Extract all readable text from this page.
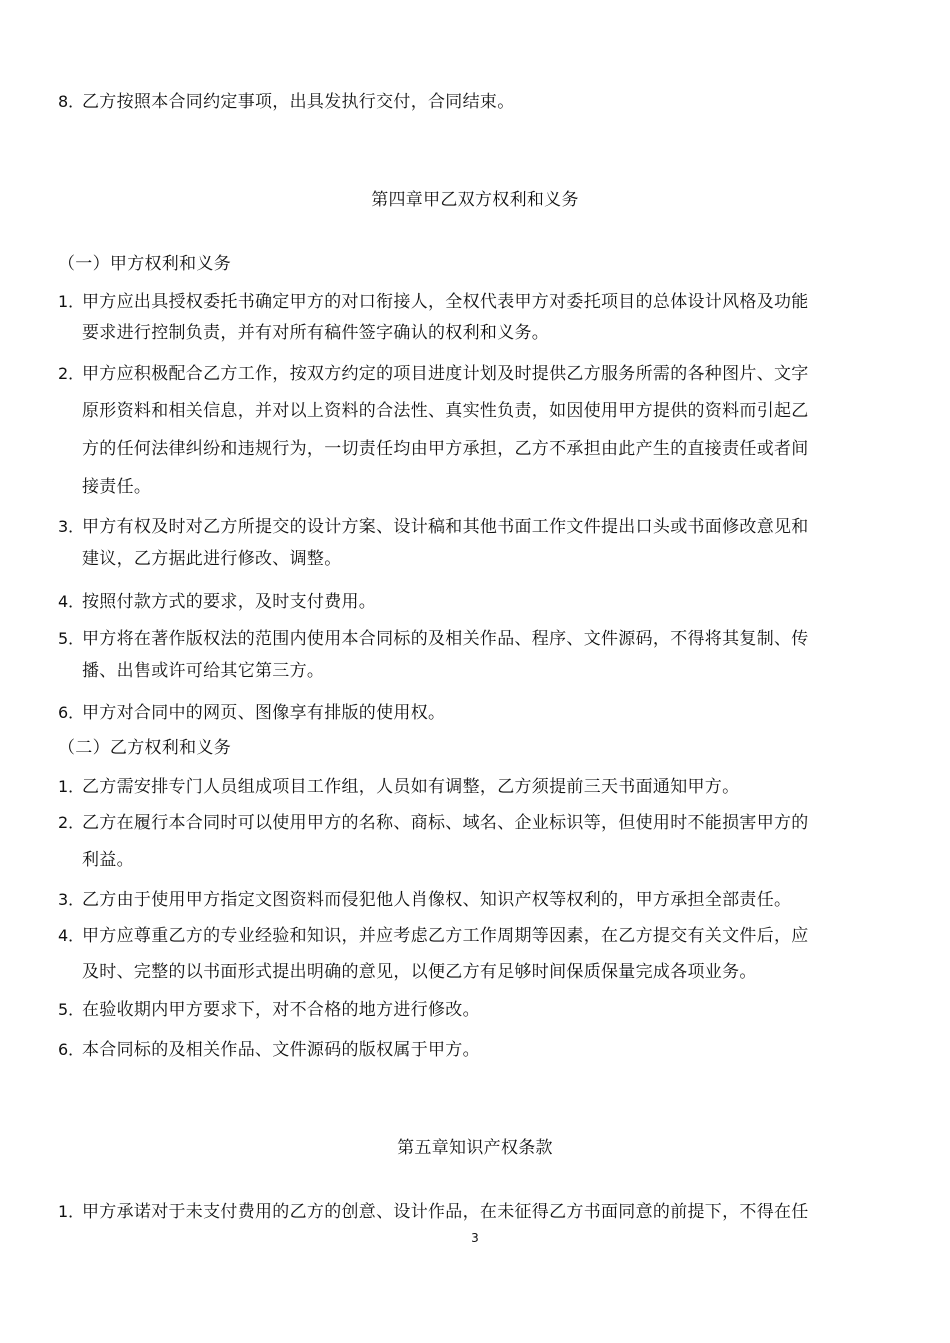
8．
乙方按照本合同约定事项，出具发执行交付，合同结束。
第四章甲乙双方权利和义务
（一）甲方权利和义务
1．
甲方应出具授权委托书确定甲方的对口衔接人，全权代表甲方对委托项目的总体设计风格及功能
要求进行控制负责，并有对所有稿件签字确认的权利和义务。
2．
甲方应积极配合乙方工作，按双方约定的项目进度计划及时提供乙方服务所需的各种图片、文字
原形资料和相关信息，并对以上资料的合法性、真实性负责，如因使用甲方提供的资料而引起乙
方的任何法律纠纷和违规行为，一切责任均由甲方承担，乙方不承担由此产生的直接责任或者间
接责任。
3．
甲方有权及时对乙方所提交的设计方案、设计稿和其他书面工作文件提出口头或书面修改意见和
建议，乙方据此进行修改、调整。
4．
按照付款方式的要求，及时支付费用。
5．
甲方将在著作版权法的范围内使用本合同标的及相关作品、程序、文件源码，不得将其复制、传
播、出售或许可给其它第三方。
6．
甲方对合同中的网页、图像享有排版的使用权。
（二）乙方权利和义务
1．
乙方需安排专门人员组成项目工作组，人员如有调整，乙方须提前三天书面通知甲方。
2．
乙方在履行本合同时可以使用甲方的名称、商标、域名、企业标识等，但使用时不能损害甲方的
利益。
3．
乙方由于使用甲方指定文图资料而侵犯他人肖像权、知识产权等权利的，甲方承担全部责任。
4．
甲方应尊重乙方的专业经验和知识，并应考虑乙方工作周期等因素，在乙方提交有关文件后，应
及时、完整的以书面形式提出明确的意见，以便乙方有足够时间保质保量完成各项业务。
5．
在验收期内甲方要求下，对不合格的地方进行修改。
6．
本合同标的及相关作品、文件源码的版权属于甲方。
第五章知识产权条款
1．
甲方承诺对于未支付费用的乙方的创意、设计作品，在未征得乙方书面同意的前提下，不得在任
3
